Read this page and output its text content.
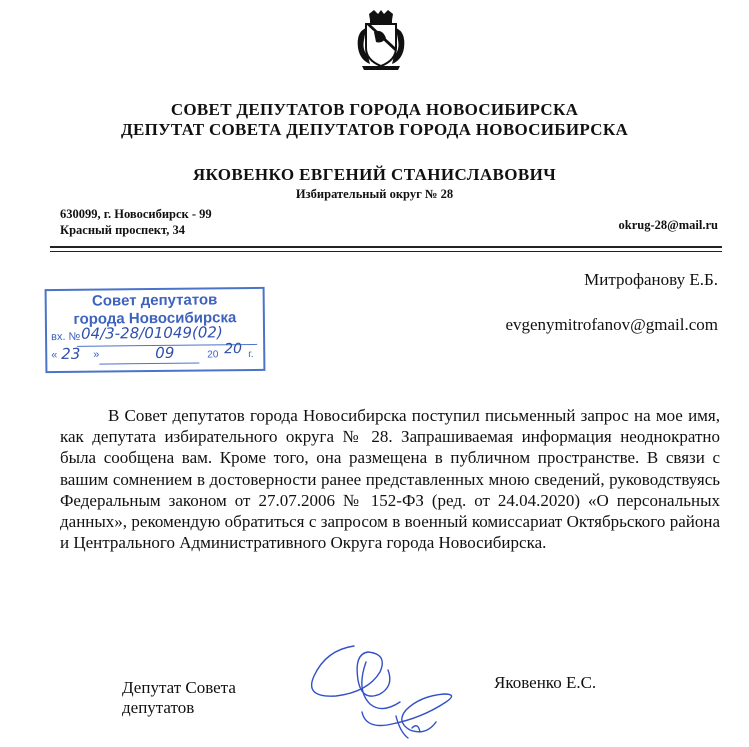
СОВЕТ ДЕПУТАТОВ ГОРОДА НОВОСИБИРСКА
ДЕПУТАТ СОВЕТА ДЕПУТАТОВ ГОРОДА НОВОСИБИРСКА
ЯКОВЕНКО ЕВГЕНИЙ СТАНИСЛАВОВИЧ
Избирательный округ № 28
630099, г. Новосибирск - 99
Красный проспект, 34	okrug-28@mail.ru
Митрофанову Е.Б.
evgenymitrofanov@gmail.com
Совет депутатов
города Новосибирска
вх. № 04/3-28/01049(02)
« 23 »	09	20 20 г.

В Совет депутатов города Новосибирска поступил письменный запрос на мое имя, как депутата избирательного округа № 28. Запрашиваемая информация неоднократно была сообщена вам. Кроме того, она размещена в публичном пространстве. В связи с вашим сомнением в достоверности ранее представленных мною сведений, руководствуясь Федеральным законом от 27.07.2006 № 152-ФЗ (ред. от 24.04.2020) «О персональных данных», рекомендую обратиться с запросом в военный комиссариат Октябрьского района и Центрального Административного Округа города Новосибирска.

Депутат Совета
депутатов
Яковенко Е.С.
